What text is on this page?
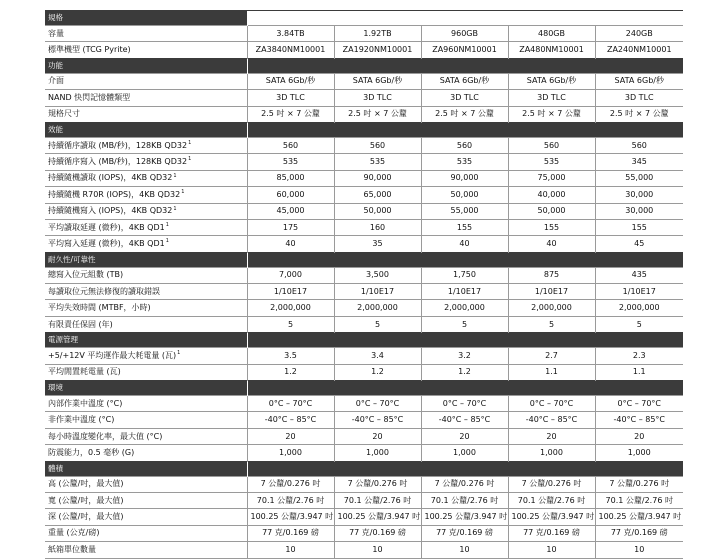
規格					
容量	3.84TB	1.92TB	960GB	480GB	240GB
標準機型 (TCG Pyrite)	ZA3840NM10001	ZA1920NM10001	ZA960NM10001	ZA480NM10001	ZA240NM10001
功能					
介面	SATA 6Gb/秒	SATA 6Gb/秒	SATA 6Gb/秒	SATA 6Gb/秒	SATA 6Gb/秒
NAND 快閃記憶體類型	3D TLC	3D TLC	3D TLC	3D TLC	3D TLC
規格尺寸	2.5 吋 × 7 公釐	2.5 吋 × 7 公釐	2.5 吋 × 7 公釐	2.5 吋 × 7 公釐	2.5 吋 × 7 公釐
效能					
持續循序讀取 (MB/秒)，128KB $QD32^1$	560	560	560	560	560
持續循序寫入 (MB/秒)，128KB $QD32^1$	535	535	535	535	345
持續隨機讀取 (IOPS)，4KB $QD32^1$	85,000	90,000	90,000	75,000	55,000
持續隨機 R70R (IOPS)，4KB $QD32^1$	60,000	65,000	50,000	40,000	30,000
持續隨機寫入 (IOPS)，4KB $QD32^1$	45,000	50,000	55,000	50,000	30,000
平均讀取延遲 (微秒)，4KB $QD1^1$	175	160	155	155	155
平均寫入延遲 (微秒)，4KB $QD1^1$	40	35	40	40	45
耐久性/可靠性					
總寫入位元組數 (TB)	7,000	3,500	1,750	875	435
每讀取位元無法修復的讀取錯誤	1/10E17	1/10E17	1/10E17	1/10E17	1/10E17
平均失效時間 (MTBF，小時)	2,000,000	2,000,000	2,000,000	2,000,000	2,000,000
有限責任保固 (年)	5	5	5	5	5
電源管理					
+5/+12V 平均運作最大耗電量 (瓦)$^1$	3.5	3.4	3.2	2.7	2.3
平均閒置耗電量 (瓦)	1.2	1.2	1.2	1.1	1.1
環境					
內部作業中溫度 (°C)	0°C – 70°C	0°C – 70°C	0°C – 70°C	0°C – 70°C	0°C – 70°C
非作業中溫度 (°C)	-40°C – 85°C	-40°C – 85°C	-40°C – 85°C	-40°C – 85°C	-40°C – 85°C
每小時溫度變化率，最大值 (°C)	20	20	20	20	20
防震能力，0.5 毫秒 (G)	1,000	1,000	1,000	1,000	1,000
體積					
高 (公釐/吋，最大值)	7 公釐/0.276 吋	7 公釐/0.276 吋	7 公釐/0.276 吋	7 公釐/0.276 吋	7 公釐/0.276 吋
寬 (公釐/吋，最大值)	70.1 公釐/2.76 吋	70.1 公釐/2.76 吋	70.1 公釐/2.76 吋	70.1 公釐/2.76 吋	70.1 公釐/2.76 吋
深 (公釐/吋，最大值)	100.25 公釐/3.947 吋	100.25 公釐/3.947 吋	100.25 公釐/3.947 吋	100.25 公釐/3.947 吋	100.25 公釐/3.947 吋
重量 (公克/磅)	77 克/0.169 磅	77 克/0.169 磅	77 克/0.169 磅	77 克/0.169 磅	77 克/0.169 磅
紙箱單位數量	10	10	10	10	10
